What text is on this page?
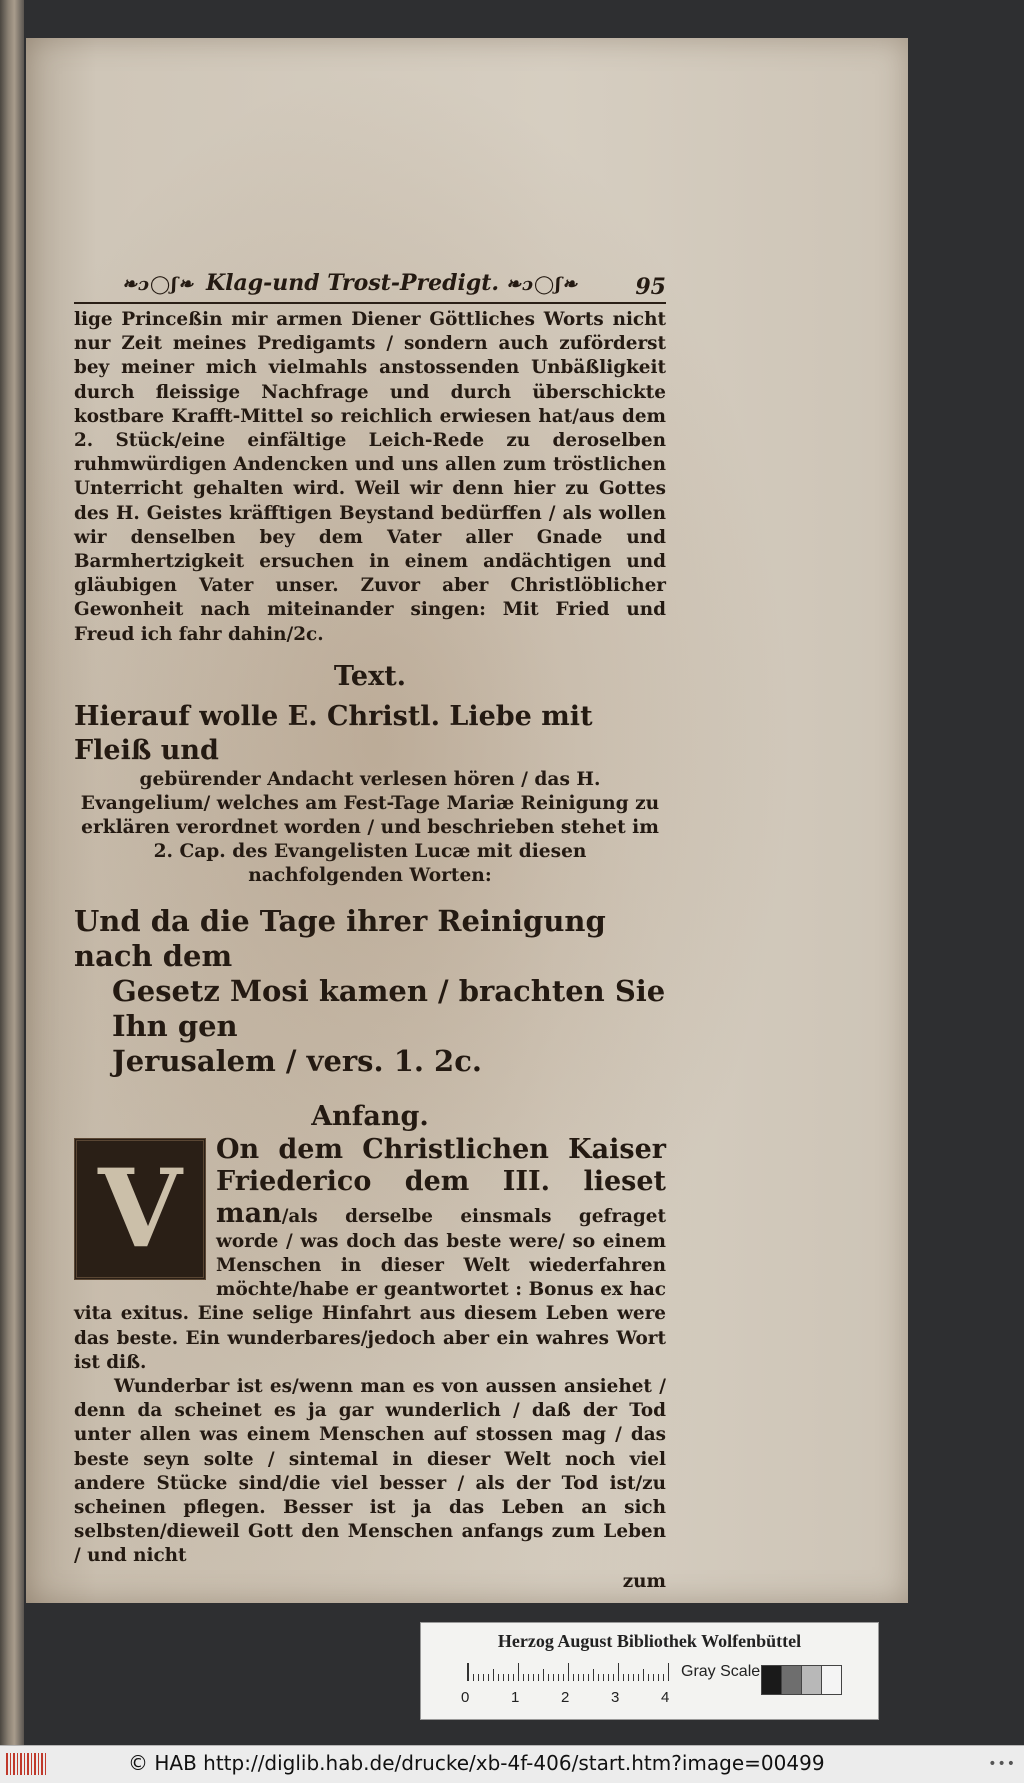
❧ɔ◯ʃ❧ Klag-und Trost-Predigt. ❧ɔ◯ʃ❧	95

lige Princeßin mir armen Diener Göttliches Worts nicht nur Zeit meines Predigamts / sondern auch zuförderst bey meiner mich vielmahls anstossenden Unbäßligkeit durch fleissige Nachfrage und durch überschickte kostbare Krafft-Mittel so reichlich erwiesen hat/aus dem 2. Stück/eine einfältige Leich-Rede zu deroselben ruhmwürdigen Andencken und uns allen zum tröstlichen Unterricht gehalten wird. Weil wir denn hier zu Gottes des H. Geistes kräfftigen Beystand bedürffen / als wollen wir denselben bey dem Vater aller Gnade und Barmhertzigkeit ersuchen in einem andächtigen und gläubigen Vater unser. Zuvor aber Christlöblicher Gewonheit nach miteinander singen: Mit Fried und Freud ich fahr dahin/2c.

Text.

Hierauf wolle E. Christl. Liebe mit Fleiß und

gebürender Andacht verlesen hören / das H. Evangelium/ welches am Fest-Tage Mariæ Reinigung zu erklären verordnet worden / und beschrieben stehet im 2. Cap. des Evangelisten Lucæ mit diesen nachfolgenden Worten:

Und da die Tage ihrer Reinigung nach dem
Gesetz Mosi kamen / brachten Sie Ihn gen
Jerusalem / vers. 1. 2c.
Anfang.
V	On dem Christlichen Kaiser Friederico dem III. lieset man/als derselbe einsmals gefraget worde / was doch das beste were/ so einem Menschen in dieser Welt wiederfahren möchte/habe er geantwortet : Bonus ex hac vita exitus. Eine selige Hinfahrt aus diesem Leben were das beste. Ein wunderbares/jedoch aber ein wahres Wort ist diß.

Wunderbar ist es/wenn man es von aussen ansiehet / denn da scheinet es ja gar wunderlich / daß der Tod unter allen was einem Menschen auf stossen mag / das beste seyn solte / sintemal in dieser Welt noch viel andere Stücke sind/die viel besser / als der Tod ist/zu scheinen pflegen. Besser ist ja das Leben an sich selbsten/dieweil Gott den Menschen anfangs zum Leben / und nicht

zum
Herzog August Bibliothek Wolfenbüttel
0	1	2	3	4
Gray Scale
© HAB http://diglib.hab.de/drucke/xb-4f-406/start.htm?image=00499	•••
